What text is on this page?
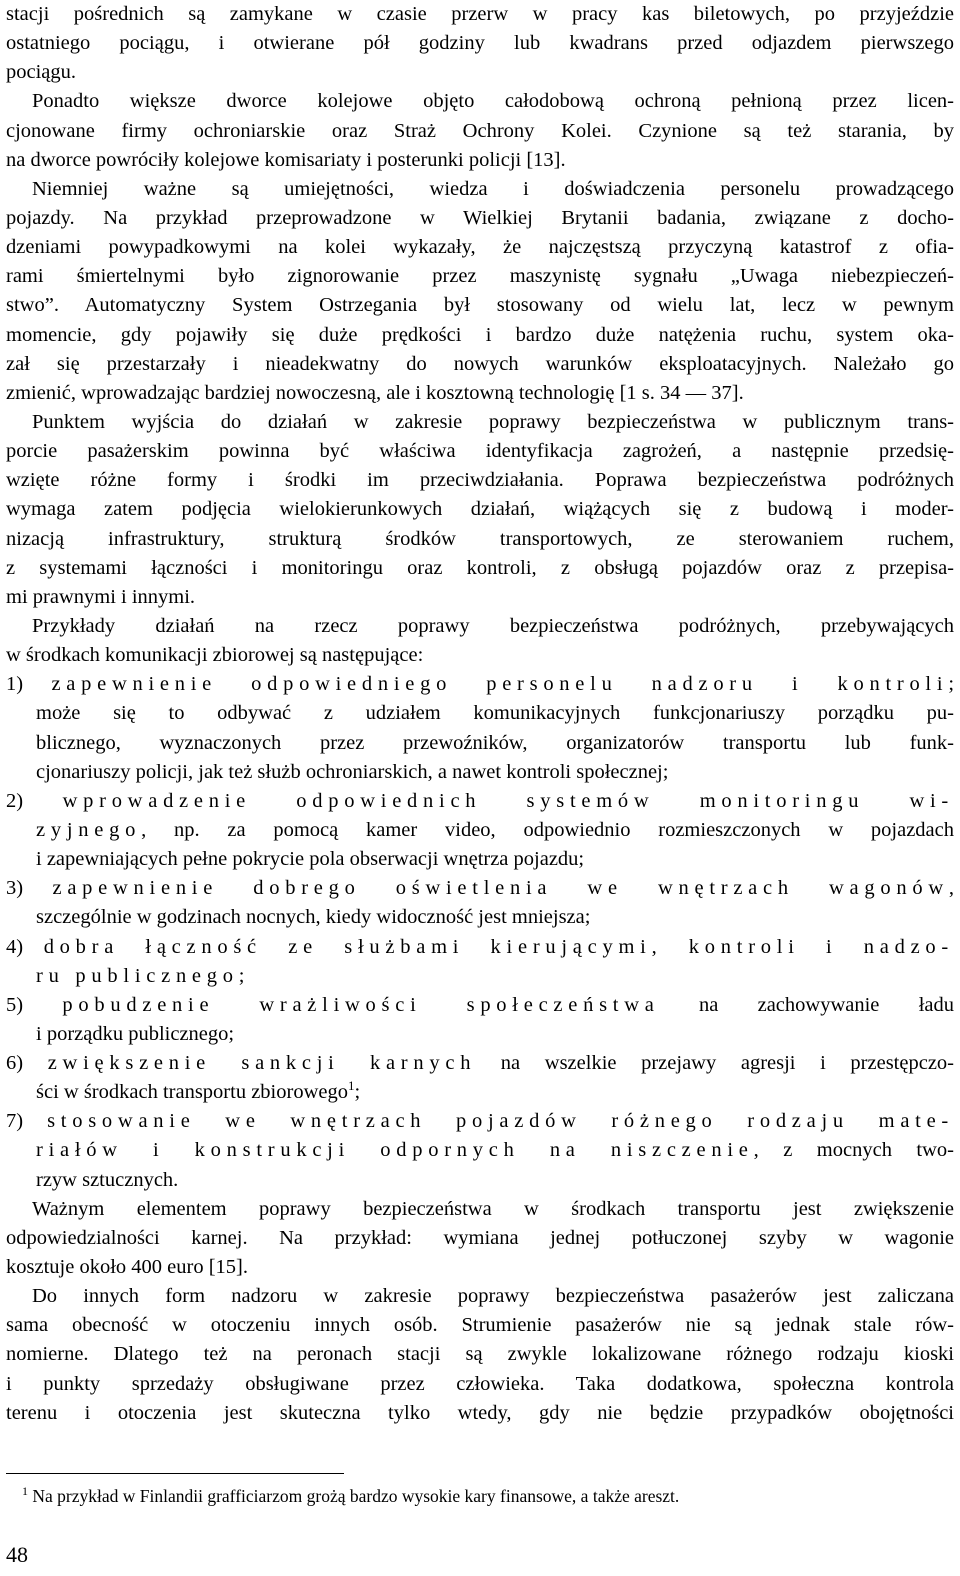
stacji pośrednich są zamykane w czasie przerw w pracy kas biletowych, po przyjeździe
ostatniego pociągu, i otwierane pół godziny lub kwadrans przed odjazdem pierwszego
pociągu.
Ponadto większe dworce kolejowe objęto całodobową ochroną pełnioną przez licen-
cjonowane firmy ochroniarskie oraz Straż Ochrony Kolei. Czynione są też starania, by
na dworce powróciły kolejowe komisariaty i posterunki policji [13].
Niemniej ważne są umiejętności, wiedza i doświadczenia personelu prowadzącego
pojazdy. Na przykład przeprowadzone w Wielkiej Brytanii badania, związane z docho-
dzeniami powypadkowymi na kolei wykazały, że najczęstszą przyczyną katastrof z ofia-
rami śmiertelnymi było zignorowanie przez maszynistę sygnału „Uwaga niebezpieczeń-
stwo”. Automatyczny System Ostrzegania był stosowany od wielu lat, lecz w pewnym
momencie, gdy pojawiły się duże prędkości i bardzo duże natężenia ruchu, system oka-
zał się przestarzały i nieadekwatny do nowych warunków eksploatacyjnych. Należało go
zmienić, wprowadzając bardziej nowoczesną, ale i kosztowną technologię [1 s. 34 — 37].
Punktem wyjścia do działań w zakresie poprawy bezpieczeństwa w publicznym trans-
porcie pasażerskim powinna być właściwa identyfikacja zagrożeń, a następnie przedsię-
wzięte różne formy i środki im przeciwdziałania. Poprawa bezpieczeństwa podróżnych
wymaga zatem podjęcia wielokierunkowych działań, wiążących się z budową i moder-
nizacją infrastruktury, strukturą środków transportowych, ze sterowaniem ruchem,
z systemami łączności i monitoringu oraz kontroli, z obsługą pojazdów oraz z przepisa-
mi prawnymi i innymi.
Przykłady działań na rzecz poprawy bezpieczeństwa podróżnych, przebywających
w środkach komunikacji zbiorowej są następujące:
1) zapewnienie odpowiedniego personelu nadzoru i kontroli;
może się to odbywać z udziałem komunikacyjnych funkcjonariuszy porządku pu-
blicznego, wyznaczonych przez przewoźników, organizatorów transportu lub funk-
cjonariuszy policji, jak też służb ochroniarskich, a nawet kontroli społecznej;
2) wprowadzenie odpowiednich systemów monitoringu wi-
zyjnego, np. za pomocą kamer video, odpowiednio rozmieszczonych w pojazdach
i zapewniających pełne pokrycie pola obserwacji wnętrza pojazdu;
3) zapewnienie dobrego oświetlenia we wnętrzach wagonów,
szczególnie w godzinach nocnych, kiedy widoczność jest mniejsza;
4) dobra łączność ze służbami kierującymi, kontroli i nadzo-
ru publicznego;
5) pobudzenie wrażliwości społeczeństwa na zachowywanie ładu
i porządku publicznego;
6) zwiększenie sankcji karnych na wszelkie przejawy agresji i przestępczo-
ści w środkach transportu zbiorowego$^1$;
7) stosowanie we wnętrzach pojazdów różnego rodzaju mate-
riałów i konstrukcji odpornych na niszczenie, z mocnych two-
rzyw sztucznych.
Ważnym elementem poprawy bezpieczeństwa w środkach transportu jest zwiększenie
odpowiedzialności karnej. Na przykład: wymiana jednej potłuczonej szyby w wagonie
kosztuje około 400 euro [15].
Do innych form nadzoru w zakresie poprawy bezpieczeństwa pasażerów jest zaliczana
sama obecność w otoczeniu innych osób. Strumienie pasażerów nie są jednak stale rów-
nomierne. Dlatego też na peronach stacji są zwykle lokalizowane różnego rodzaju kioski
i punkty sprzedaży obsługiwane przez człowieka. Taka dodatkowa, społeczna kontrola
terenu i otoczenia jest skuteczna tylko wtedy, gdy nie będzie przypadków obojętności
$^1$ Na przykład w Finlandii grafficiarzom grożą bardzo wysokie kary finansowe, a także areszt.
48
